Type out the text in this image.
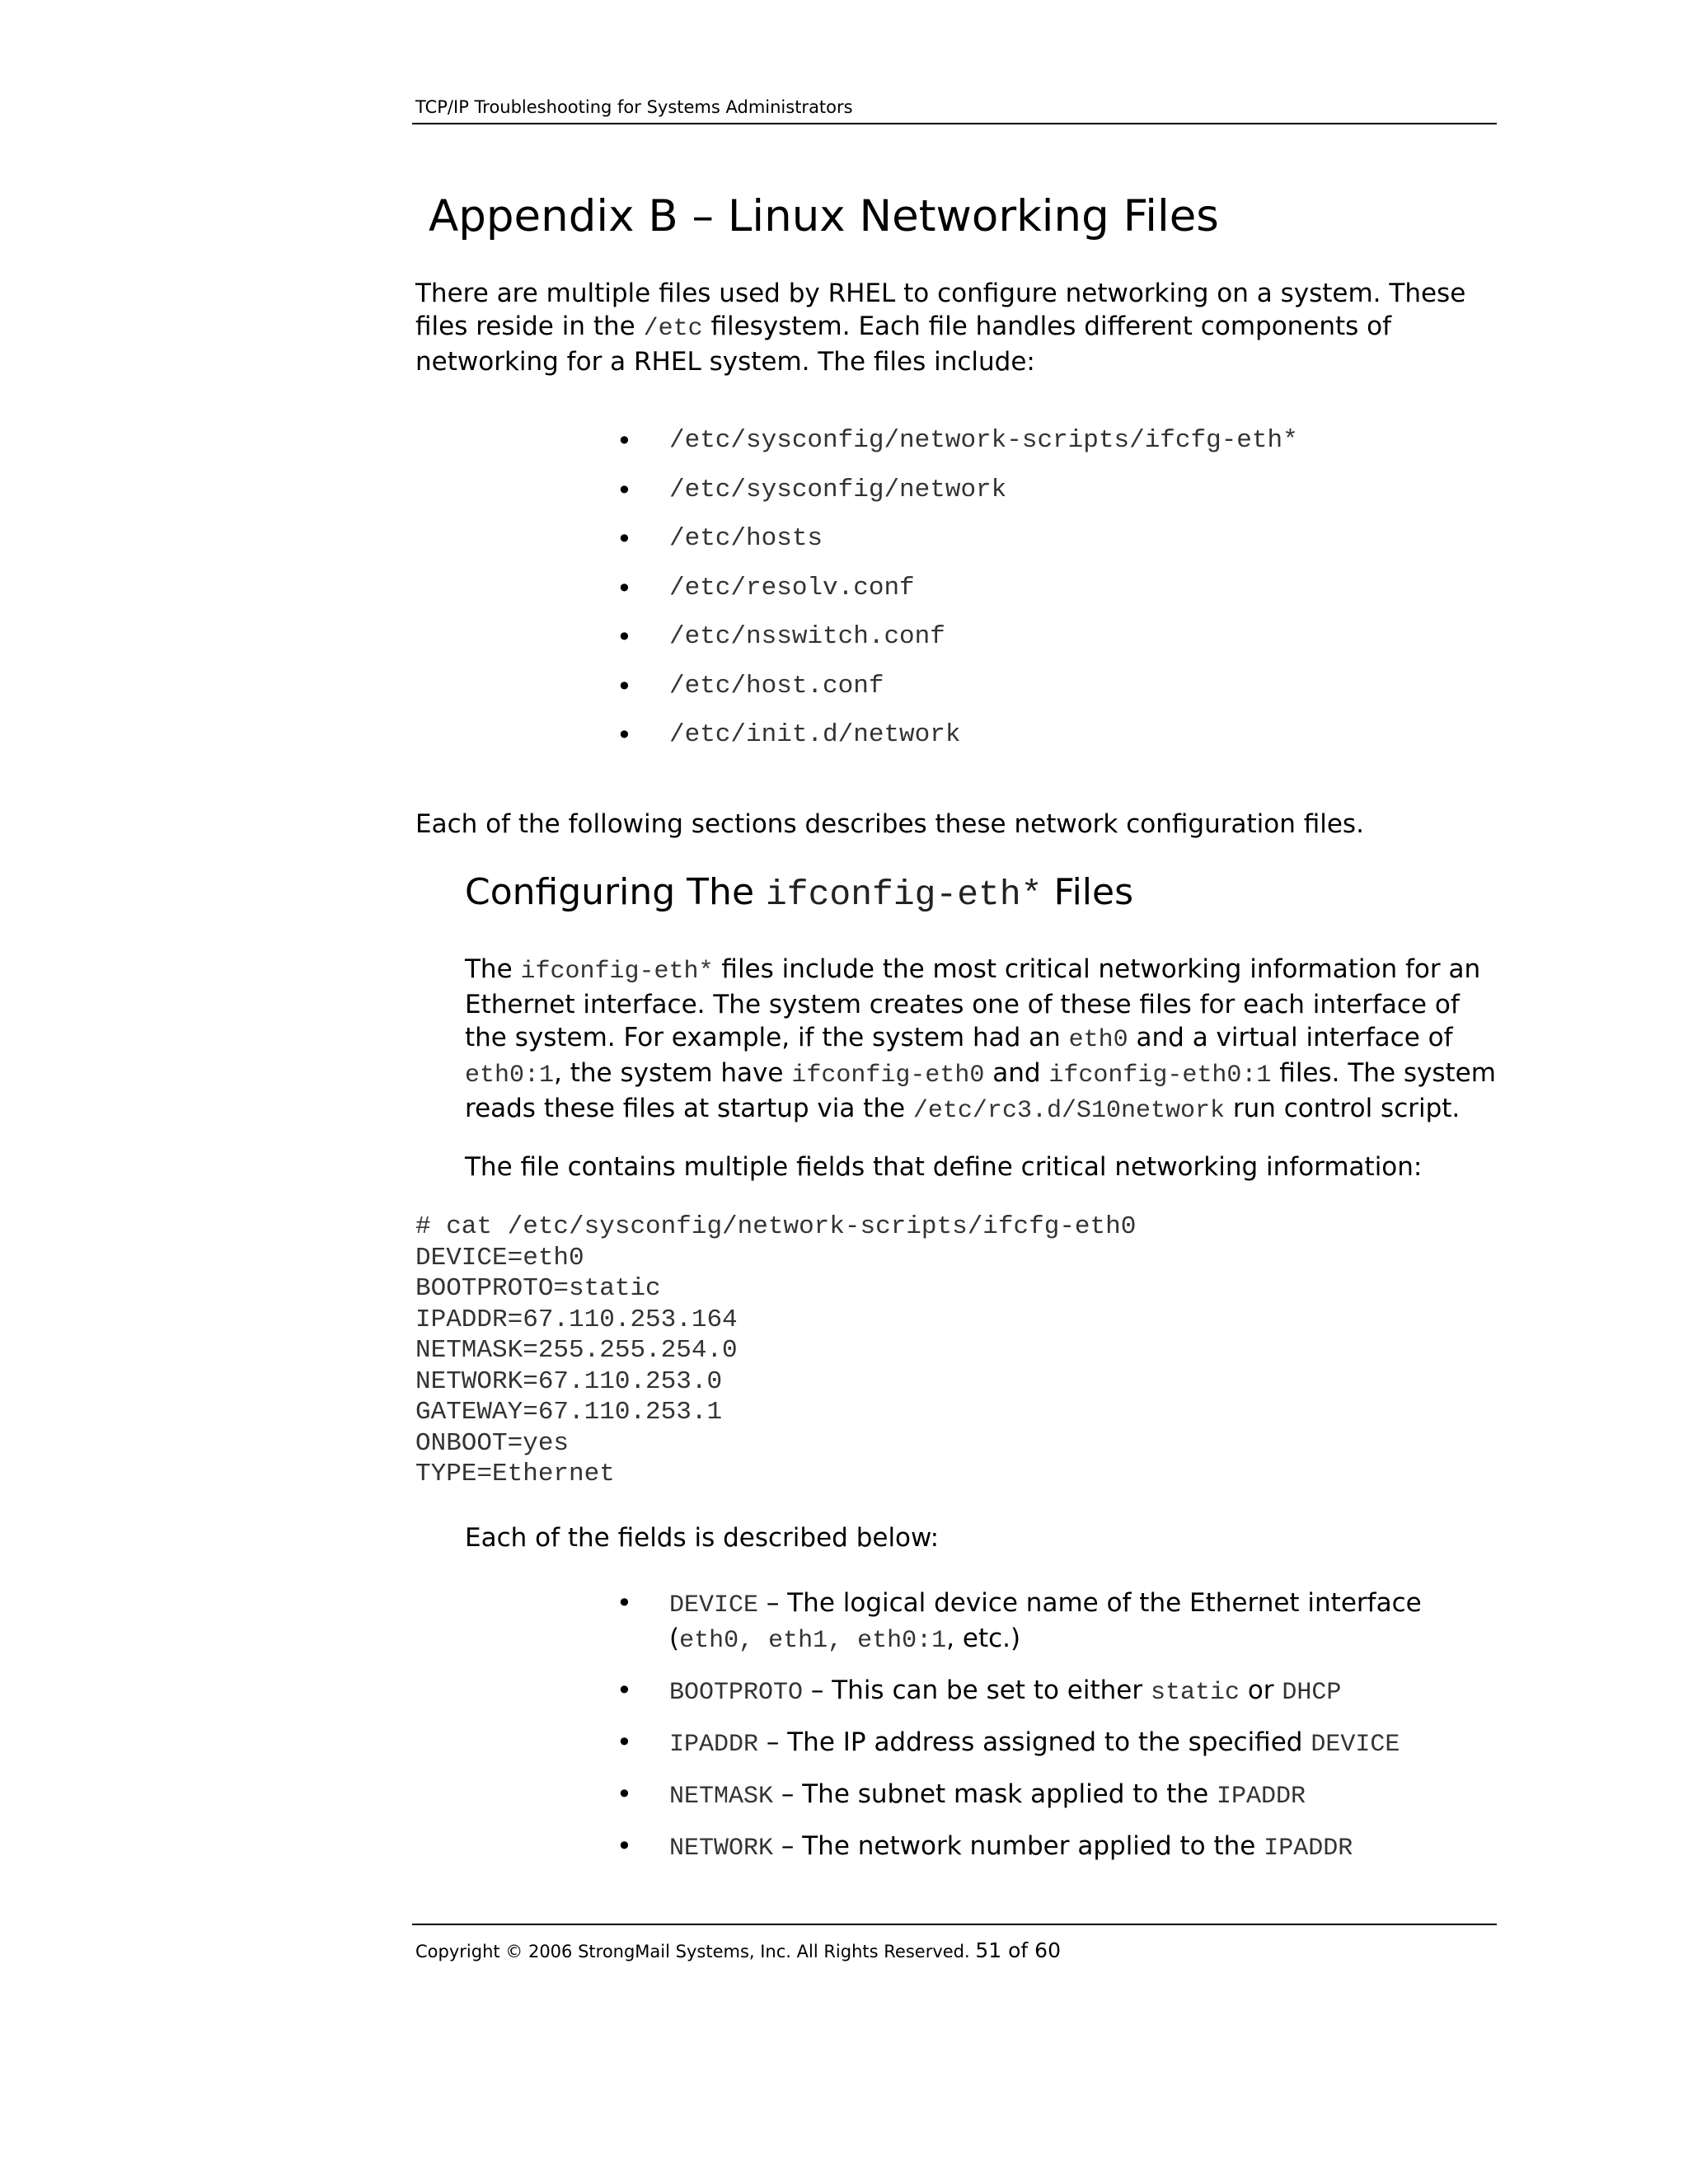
TCP/IP Troubleshooting for Systems Administrators
Appendix B – Linux Networking Files

There are multiple files used by RHEL to configure networking on a system. These files reside in the /etc filesystem. Each file handles different components of networking for a RHEL system. The files include:

• /etc/sysconfig/network-scripts/ifcfg-eth*
• /etc/sysconfig/network
• /etc/hosts
• /etc/resolv.conf
• /etc/nsswitch.conf
• /etc/host.conf
• /etc/init.d/network

Each of the following sections describes these network configuration files.

Configuring The ifconfig-eth* Files

The ifconfig-eth* files include the most critical networking information for an Ethernet interface. The system creates one of these files for each interface of the system. For example, if the system had an eth0 and a virtual interface of eth0:1, the system have ifconfig-eth0 and ifconfig-eth0:1 files. The system reads these files at startup via the /etc/rc3.d/S10network run control script.

The file contains multiple fields that define critical networking information:

# cat /etc/sysconfig/network-scripts/ifcfg-eth0
DEVICE=eth0
BOOTPROTO=static
IPADDR=67.110.253.164
NETMASK=255.255.254.0
NETWORK=67.110.253.0
GATEWAY=67.110.253.1
ONBOOT=yes
TYPE=Ethernet

Each of the fields is described below:

• DEVICE – The logical device name of the Ethernet interface (eth0, eth1, eth0:1, etc.)
• BOOTPROTO – This can be set to either static or DHCP
• IPADDR – The IP address assigned to the specified DEVICE
• NETMASK – The subnet mask applied to the IPADDR
• NETWORK – The network number applied to the IPADDR
Copyright © 2006 StrongMail Systems, Inc. All Rights Reserved. 51 of 60
